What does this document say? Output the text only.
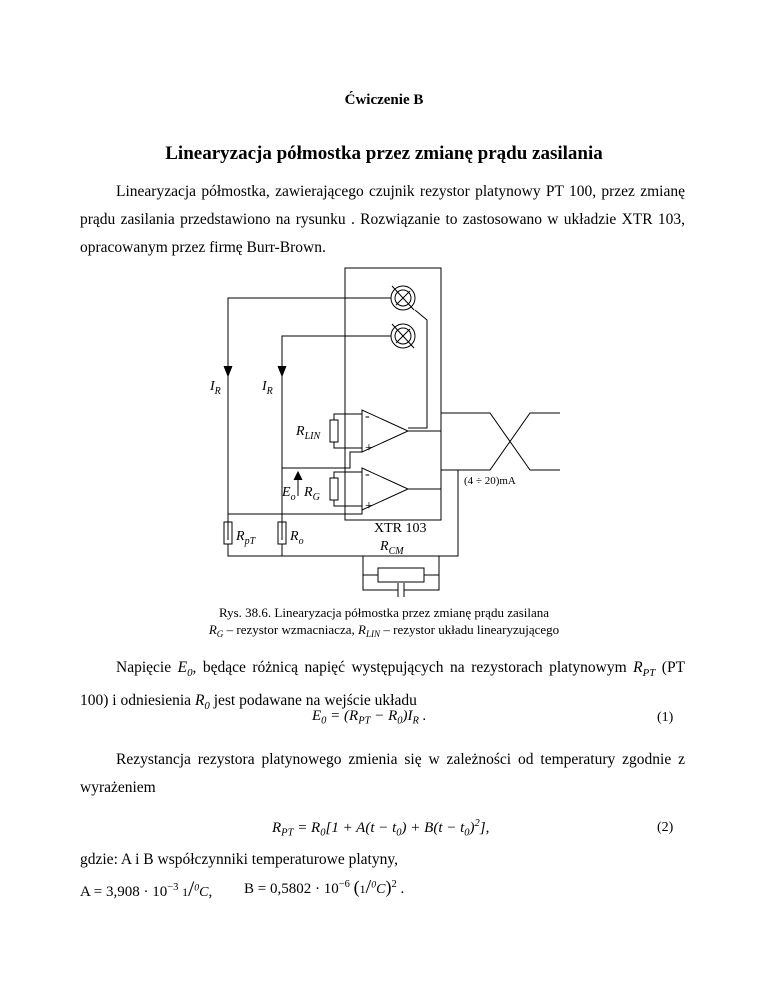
Ćwiczenie B
Linearyzacja półmostka przez zmianę prądu zasilania
Linearyzacja półmostka, zawierającego czujnik rezystor platynowy PT 100, przez zmianę prądu zasilania przedstawiono na rysunku . Rozwiązanie to zastosowano w układzie XTR 103, opracowanym przez firmę Burr-Brown.
$I_R$	$I_R$
$R_{LIN}$
$E_o$ $R_G$
$R_{pT}$ $R_o$
XTR 103
$R_{CM}$
(4 ÷ 20)mA
-
+
-
+
Rys. 38.6. Linearyzacja półmostka przez zmianę prądu zasilana
$R_G$ – rezystor wzmacniacza, $R_{LIN}$ – rezystor układu linearyzującego
Napięcie $E_0$, będące różnicą napięć występujących na rezystorach platynowym $R_{PT}$ (PT 100) i odniesienia $R_0$ jest podawane na wejście układu
$E_0 = (R_{PT} - R_0)I_R$ .	(1)
Rezystancja rezystora platynowego zmienia się w zależności od temperatury zgodnie z wyrażeniem
$R_{PT} = R_0[1 + A(t - t_0) + B(t - t_0)^2]$,	(2)
gdzie: A i B współczynniki temperaturowe platyny,
$A = 3,908 \cdot 10^{-3}$ 1/$^0$C, $B = 0,5802 \cdot 10^{-6}$ $(1/^0C)^2$ .
